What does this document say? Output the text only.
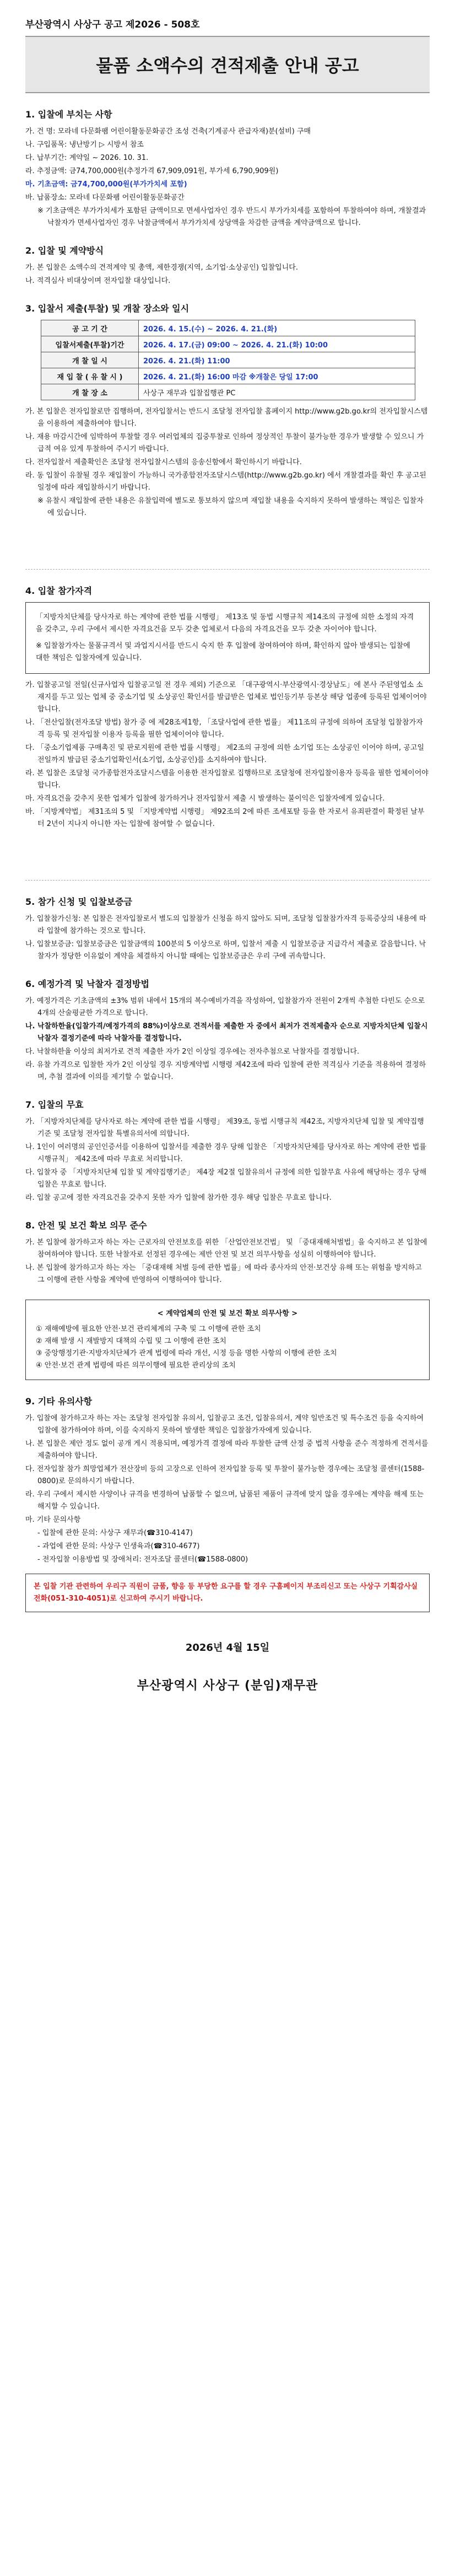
부산광역시 사상구 공고 제2026 - 508호
물품 소액수의 견적제출 안내 공고
1. 입찰에 부치는 사항
가. 건 명: 모라네 다문화팸 어린이활동문화공간 조성 건축(기계공사 관급자재)분(설비) 구매
나. 구입품목: 냉난방기 ▷ 시방서 참조
다. 납부기간: 계약일 ~ 2026. 10. 31.
라. 추정금액: 금74,700,000원(추정가격 67,909,091원, 부가세 6,790,909원)
마. 기초금액: 금74,700,000원(부가가치세 포함)
바. 납품장소: 모라네 다문화팸 어린이활동문화공간
※ 기초금액은 부가가치세가 포함된 금액이므로 면세사업자인 경우 반드시 부가가치세를 포함하여 투찰하여야 하며, 개찰결과 낙찰자가 면세사업자인 경우 낙찰금액에서 부가가치세 상당액을 차감한 금액을 계약금액으로 합니다.
2. 입찰 및 계약방식
가. 본 입찰은 소액수의 견적계약 및 총액, 제한경쟁(지역, 소기업·소상공인) 입찰입니다.
나. 적격심사 비대상이며 전자입찰 대상입니다.
3. 입찰서 제출(투찰) 및 개찰 장소와 일시
공 고 기 간	2026. 4. 15.(수) ~ 2026. 4. 21.(화)
입찰서제출(투찰)기간	2026. 4. 17.(금) 09:00 ~ 2026. 4. 21.(화) 10:00
개 찰 일 시	2026. 4. 21.(화) 11:00
재 입 찰 ( 유 찰 시 )	2026. 4. 21.(화) 16:00 마감 ※개찰은 당일 17:00
개 찰 장 소	사상구 재무과 입찰집행관 PC
가. 본 입찰은 전자입찰로만 집행하며, 전자입찰서는 반드시 조달청 전자입찰 홈페이지 http://www.g2b.go.kr의 전자입찰시스템을 이용하여 제출하여야 합니다.
나. 재용 마감시간에 임박하여 투찰할 경우 여러업체의 집중투찰로 인하여 정상적인 투찰이 불가능한 경우가 발생할 수 있으니 가급적 여유 있게 투찰하여 주시기 바랍니다.
다. 전자입찰서 제출확인은 조달청 전자입찰시스템의 응송신함에서 확인하시기 바랍니다.
라. 동 입찰이 유찰될 경우 재입찰이 가능하니 국가종합전자조달시스템(http://www.g2b.go.kr) 에서 개찰결과를 확인 후 공고된 일정에 따라 재입찰하시기 바랍니다.
※ 유찰시 재입찰에 관한 내용은 유찰입력에 별도로 통보하지 않으며 재입찰 내용을 숙지하지 못하여 발생하는 책임은 입찰자에 있습니다.
4. 입찰 참가자격
「지방자치단체를 당사자로 하는 계약에 관한 법률 시행령」 제13조 및 동법 시행규칙 제14조의 규정에 의한 소정의 자격을 갖추고, 우리 구에서 제시한 자격요건을 모두 갖춘 업체로서 다음의 자격요건을 모두 갖춘 자이어야 합니다.
※ 입찰참가자는 물품규격서 및 과업지시서를 반드시 숙지 한 후 입찰에 참여하여야 하며, 확인하지 않아 발생되는 입찰에 대한 책임은 입찰자에게 있습니다.
가. 입찰공고일 전일(신규사업자 입찰공고일 전 경우 제외) 기준으로 「대구광역시·부산광역시·경상남도」에 본사 주된영업소 소재지를 두고 있는 업체 중 중소기업 및 소상공인 확인서를 발급받은 업체로 법인등기부 등본상 해당 업종에 등록된 업체이어야 합니다.
나. 「전산입찰(전자조달 방법) 참가 중 에 제28조제1항, 「조달사업에 관한 법률」 제11조의 규정에 의하여 조달청 입찰참가자격 등록 및 전자입찰 이용자 등록을 필한 업체이어야 합니다.
다. 「중소기업제품 구매촉진 및 판로지원에 관한 법률 시행령」 제2조의 규정에 의한 소기업 또는 소상공인 이어야 하며, 공고일 전일까지 발급된 중소기업확인서(소기업, 소상공인)를 소지하여야 합니다.
라. 본 입찰은 조달청 국가종합전자조달시스템을 이용한 전자입찰로 집행하므로 조달청에 전자입찰이용자 등록을 필한 업체이어야 합니다.
마. 자격요건을 갖추지 못한 업체가 입찰에 참가하거나 전자입찰서 제출 시 발생하는 불이익은 입찰자에게 있습니다.
바. 「지방계약법」 제31조의 5 및 「지방계약법 시행령」 제92조의 2에 따른 조세포탈 등을 한 자로서 유죄판결이 확정된 날부터 2년이 지나지 아니한 자는 입찰에 참여할 수 없습니다.
5. 참가 신청 및 입찰보증금
가. 입찰참가신청: 본 입찰은 전자입찰로서 별도의 입찰참가 신청을 하지 않아도 되며, 조달청 입찰참가자격 등록증상의 내용에 따라 입찰에 참가하는 것으로 합니다.
나. 입찰보증금: 입찰보증금은 입찰금액의 100분의 5 이상으로 하며, 입찰서 제출 시 입찰보증금 지급각서 제출로 갈음합니다. 낙찰자가 정당한 이유없이 계약을 체결하지 아니할 때에는 입찰보증금은 우리 구에 귀속합니다.
6. 예정가격 및 낙찰자 결정방법
가. 예정가격은 기초금액의 ±3% 범위 내에서 15개의 복수예비가격을 작성하여, 입찰참가자 전원이 2개씩 추첨한 다빈도 순으로 4개의 산술평균한 가격으로 합니다.
나. 낙찰하한율(입찰가격/예정가격의 88%)이상으로 견적서를 제출한 자 중에서 최저가 견적제출자 순으로 지방자치단체 입찰시 낙찰자 결정기준에 따라 낙찰자를 결정합니다.
다. 낙찰하한율 이상의 최저가로 견적 제출한 자가 2인 이상일 경우에는 전자추첨으로 낙찰자를 결정합니다.
라. 유찰 가격으로 입찰한 자가 2인 이상일 경우 지방계약법 시행령 제42조에 따라 입찰에 관한 적격심사 기준을 적용하여 결정하며, 추첨 결과에 이의를 제기할 수 없습니다.
7. 입찰의 무효
가. 「지방자치단체를 당사자로 하는 계약에 관한 법률 시행령」 제39조, 동법 시행규칙 제42조, 지방자치단체 입찰 및 계약집행기준 및 조달청 전자입찰 특별유의서에 의합니다.
나. 1인이 여러명의 공인인증서를 이용하여 입찰서를 제출한 경우 당해 입찰은 「지방자치단체를 당사자로 하는 계약에 관한 법률 시행규칙」 제42조에 따라 무효로 처리합니다.
다. 입찰자 중 「지방자치단체 입찰 및 계약집행기준」 제4장 제2절 입찰유의서 규정에 의한 입찰무효 사유에 해당하는 경우 당해 입찰은 무효로 합니다.
라. 입찰 공고에 정한 자격요건을 갖추지 못한 자가 입찰에 참가한 경우 해당 입찰은 무효로 합니다.
8. 안전 및 보건 확보 의무 준수
가. 본 입찰에 참가하고자 하는 자는 근로자의 안전보호를 위한 「산업안전보건법」 및 「중대재해처벌법」을 숙지하고 본 입찰에 참여하여야 합니다. 또한 낙찰자로 선정된 경우에는 제반 안전 및 보건 의무사항을 성실히 이행하여야 합니다.
나. 본 입찰에 참가하고자 하는 자는 「중대재해 처벌 등에 관한 법률」에 따라 종사자의 안전·보건상 유해 또는 위험을 방지하고 그 이행에 관한 사항을 계약에 반영하여 이행하여야 합니다.
< 계약업체의 안전 및 보건 확보 의무사항 >
① 재해예방에 필요한 안전·보건 관리체계의 구축 및 그 이행에 관한 조치
② 재해 발생 시 재발방지 대책의 수립 및 그 이행에 관한 조치
③ 중앙행정기관·지방자치단체가 관계 법령에 따라 개선, 시정 등을 명한 사항의 이행에 관한 조치
④ 안전·보건 관계 법령에 따른 의무이행에 필요한 관리상의 조치
9. 기타 유의사항
가. 입찰에 참가하고자 하는 자는 조달청 전자입찰 유의서, 입찰공고 조건, 입찰유의서, 계약 일반조건 및 특수조건 등을 숙지하여 입찰에 참가하여야 하며, 이를 숙지하지 못하여 발생한 책임은 입찰참가자에게 있습니다.
나. 본 입찰은 제안 정도 없이 공개 게시 적용되며, 예정가격 결정에 따라 투찰한 금액 산정 중 법적 사항을 준수 적정하게 견적서를 제출하여야 합니다.
다. 전자입찰 참가 희망업체가 전산장비 등의 고장으로 인하여 전자입찰 등록 및 투찰이 불가능한 경우에는 조달청 콜센터(1588-0800)로 문의하시기 바랍니다.
라. 우리 구에서 제시한 사양이나 규격을 변경하여 납품할 수 없으며, 납품된 제품이 규격에 맞지 않을 경우에는 계약을 해제 또는 해지할 수 있습니다.
마. 기타 문의사항
- 입찰에 관한 문의: 사상구 재무과(☎310-4147)
- 과업에 관한 문의: 사상구 인생육과(☎310-4677)
- 전자입찰 이용방법 및 장애처리: 전자조달 콜센터(☎1588-0800)
본 입찰 기관 관련하여 우리구 직원이 금품, 향응 등 부당한 요구를 할 경우 구홈페이지 부조리신고 또는 사상구 기획감사실 전화(051-310-4051)로 신고하여 주시기 바랍니다.
2026년 4월 15일
부산광역시 사상구 (분임)재무관
